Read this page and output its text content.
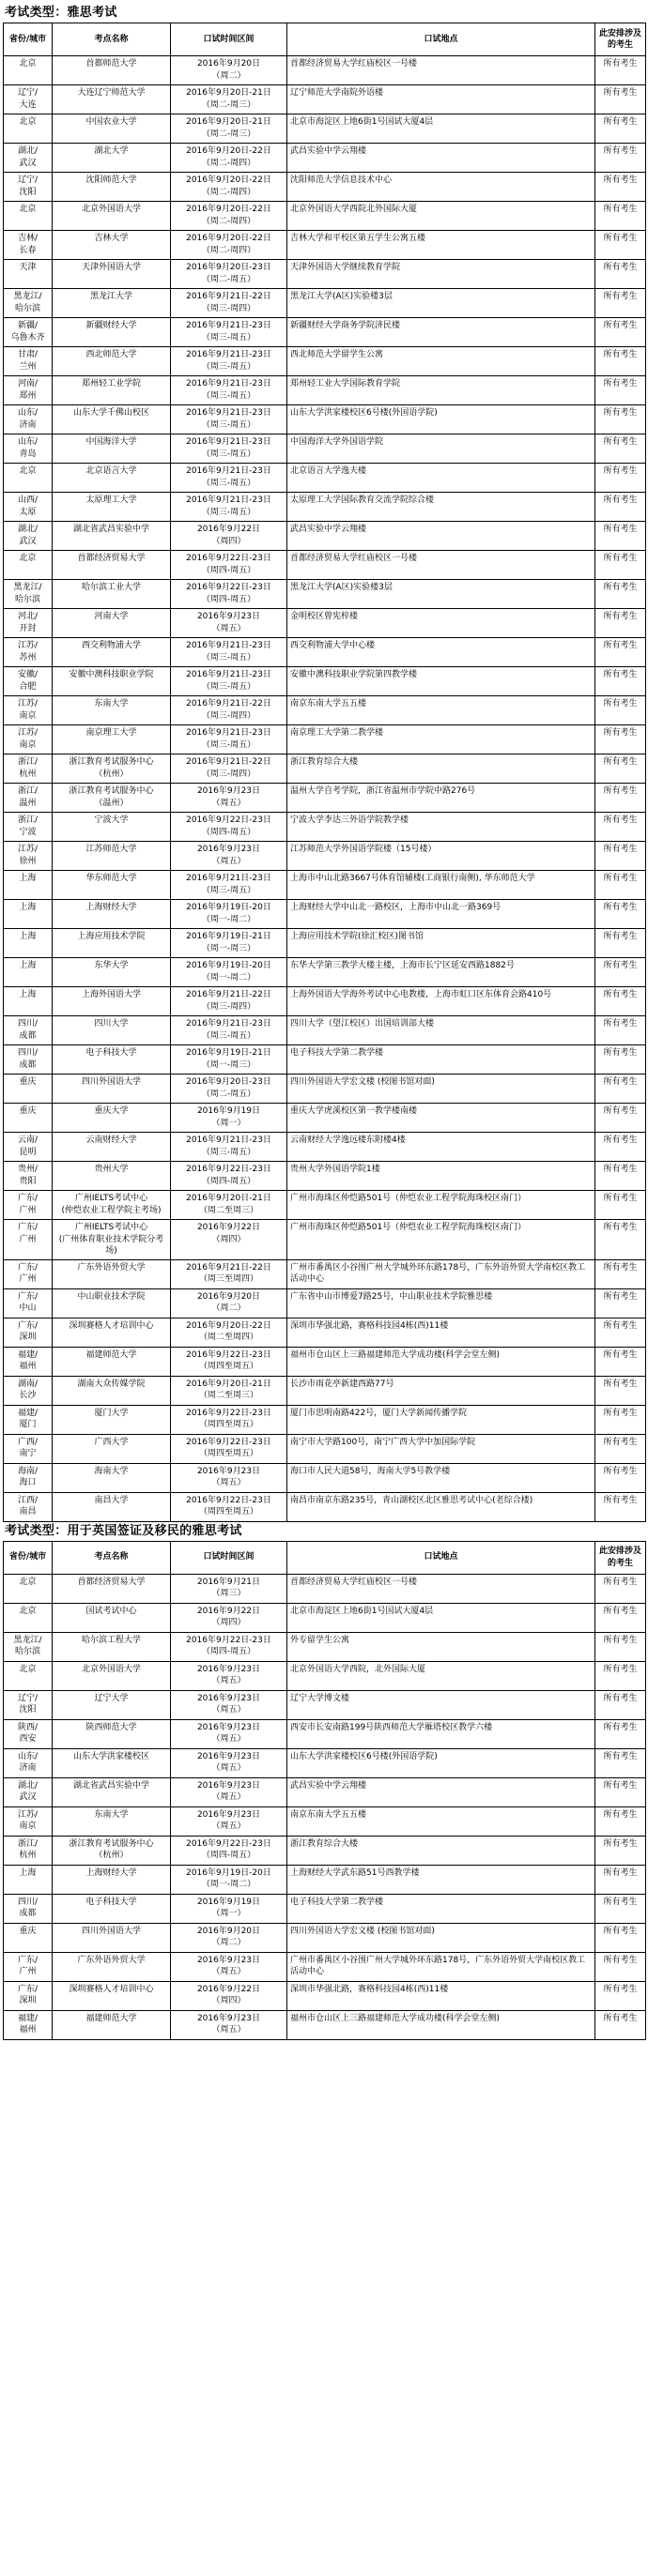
考试类型：雅思考试
省份/城市	考点名称	口试时间区间	口试地点	此安排涉及的考生

北京	首都师范大学	2016年9月20日
（周二）	首都经济贸易大学红庙校区一号楼	所有考生

辽宁/
大连	大连辽宁师范大学	2016年9月20日-21日
（周二-周三）	辽宁师范大学南院外语楼	所有考生

北京	中国农业大学	2016年9月20日-21日
（周二-周三）	北京市海淀区上地6街1号国试大厦4层	所有考生

湖北/
武汉	湖北大学	2016年9月20日-22日
（周二-周四）	武昌实验中学云翔楼	所有考生

辽宁/
沈阳	沈阳师范大学	2016年9月20日-22日
（周二-周四）	沈阳师范大学信息技术中心	所有考生

北京	北京外国语大学	2016年9月20日-22日
（周二-周四）	北京外国语大学西院北外国际大厦	所有考生

吉林/
长春	吉林大学	2016年9月20日-22日
（周二-周四）	吉林大学和平校区第五学生公寓五楼	所有考生

天津	天津外国语大学	2016年9月20日-23日
（周二-周五）	天津外国语大学继续教育学院	所有考生

黑龙江/
哈尔滨	黑龙江大学	2016年9月21日-22日
（周三-周四）	黑龙江大学(A区)实验楼3层	所有考生

新疆/
乌鲁木齐	新疆财经大学	2016年9月21日-23日
（周三-周五）	新疆财经大学商务学院济民楼	所有考生

甘肃/
兰州	西北师范大学	2016年9月21日-23日
（周三-周五）	西北师范大学留学生公寓	所有考生

河南/
郑州	郑州轻工业学院	2016年9月21日-23日
（周三-周五）	郑州轻工业大学国际教育学院	所有考生

山东/
济南	山东大学千佛山校区	2016年9月21日-23日
（周三-周五）	山东大学洪家楼校区6号楼(外国语学院)	所有考生

山东/
青岛	中国海洋大学	2016年9月21日-23日
（周三-周五）	中国海洋大学外国语学院	所有考生

北京	北京语言大学	2016年9月21日-23日
（周三-周五）	北京语言大学逸夫楼	所有考生

山西/
太原	太原理工大学	2016年9月21日-23日
（周三-周五）	太原理工大学国际教育交流学院综合楼	所有考生

湖北/
武汉	湖北省武昌实验中学	2016年9月22日
（周四）	武昌实验中学云翔楼	所有考生

北京	首都经济贸易大学	2016年9月22日-23日
（周四-周五）	首都经济贸易大学红庙校区一号楼	所有考生

黑龙江/
哈尔滨	哈尔滨工业大学	2016年9月22日-23日
（周四-周五）	黑龙江大学(A区)实验楼3层	所有考生

河北/
开封	河南大学	2016年9月23日
（周五）	金明校区曾宪梓楼	所有考生

江苏/
苏州	西交利物浦大学	2016年9月21日-23日
（周三-周五）	西交利物浦大学中心楼	所有考生

安徽/
合肥	安徽中澳科技职业学院	2016年9月21日-23日
（周三-周五）	安徽中澳科技职业学院第四教学楼	所有考生

江苏/
南京	东南大学	2016年9月21日-22日
（周三-周四）	南京东南大学五五楼	所有考生

江苏/
南京	南京理工大学	2016年9月21日-23日
（周三-周五）	南京理工大学第二教学楼	所有考生

浙江/
杭州	浙江教育考试服务中心
（杭州）	2016年9月21日-22日
（周三-周四）	浙江教育综合大楼	所有考生

浙江/
温州	浙江教育考试服务中心
（温州）	2016年9月23日
（周五）	温州大学自考学院，浙江省温州市学院中路276号	所有考生

浙江/
宁波	宁波大学	2016年9月22日-23日
（周四-周五）	宁波大学李达三外语学院教学楼	所有考生

江苏/
徐州	江苏师范大学	2016年9月23日
（周五）	江苏师范大学外国语学院楼（15号楼）	所有考生

上海	华东师范大学	2016年9月21日-23日
（周三-周五）	上海市中山北路3667号体育馆辅楼(工商银行南侧), 华东师范大学	所有考生

上海	上海财经大学	2016年9月19日-20日
（周一-周二）	上海财经大学中山北一路校区，上海市中山北一路369号	所有考生

上海	上海应用技术学院	2016年9月19日-21日
（周一-周三）	上海应用技术学院(徐汇校区)图书馆	所有考生

上海	东华大学	2016年9月19日-20日
（周一-周二）	东华大学第三教学大楼主楼，上海市长宁区延安西路1882号	所有考生

上海	上海外国语大学	2016年9月21日-22日
（周三-周四）	上海外国语大学海外考试中心电教楼，上海市虹口区东体育会路410号	所有考生

四川/
成都	四川大学	2016年9月21日-23日
（周三-周五）	四川大学（望江校区）出国培训部大楼	所有考生

四川/
成都	电子科技大学	2016年9月19日-21日
（周一-周三）	电子科技大学第二教学楼	所有考生

重庆	四川外国语大学	2016年9月20日-23日
（周二-周五）	四川外国语大学宏文楼 (校图书馆对面)	所有考生

重庆	重庆大学	2016年9月19日
（周一）	重庆大学虎溪校区第一教学楼南楼	所有考生

云南/
昆明	云南财经大学	2016年9月21日-23日
（周三-周五）	云南财经大学逸远楼东附楼4楼	所有考生

贵州/
贵阳	贵州大学	2016年9月22日-23日
（周四-周五）	贵州大学外国语学院1楼	所有考生

广东/
广州	广州IELTS考试中心
(仲恺农业工程学院主考场)	2016年9月20日-21日
（周二至周三）	广州市海珠区仲恺路501号（仲恺农业工程学院海珠校区南门）	所有考生

广东/
广州	广州IELTS考试中心
(广州体育职业技术学院分考场)	2016年9月22日
（周四）	广州市海珠区仲恺路501号（仲恺农业工程学院海珠校区南门）	所有考生

广东/
广州	广东外语外贸大学	2016年9月21日-22日
（周三至周四）	广州市番禺区小谷围广州大学城外环东路178号，广东外语外贸大学南校区教工活动中心	所有考生

广东/
中山	中山职业技术学院	2016年9月20日
（周二）	广东省中山市博爱7路25号，中山职业技术学院雅思楼	所有考生

广东/
深圳	深圳赛格人才培训中心	2016年9月20日-22日
（周二至周四）	深圳市华强北路，赛格科技园4栋(西)11楼	所有考生

福建/
福州	福建师范大学	2016年9月22日-23日
（周四至周五）	福州市仓山区上三路福建师范大学成功楼(科学会堂左侧)	所有考生

湖南/
长沙	湖南大众传媒学院	2016年9月20日-21日
（周二至周三）	长沙市雨花亭新建西路77号	所有考生

福建/
厦门	厦门大学	2016年9月22日-23日
（周四至周五）	厦门市思明南路422号，厦门大学新闻传播学院	所有考生

广西/
南宁	广西大学	2016年9月22日-23日
（周四至周五）	南宁市大学路100号，南宁广西大学中加国际学院	所有考生

海南/
海口	海南大学	2016年9月23日
（周五）	海口市人民大道58号，海南大学5号教学楼	所有考生

江西/
南昌	南昌大学	2016年9月22日-23日
（周四至周五）	南昌市南京东路235号，青山湖校区北区雅思考试中心(老综合楼)	所有考生
考试类型：用于英国签证及移民的雅思考试
省份/城市	考点名称	口试时间区间	口试地点	此安排涉及的考生

北京	首都经济贸易大学	2016年9月21日
（周三）	首都经济贸易大学红庙校区一号楼	所有考生

北京	国试考试中心	2016年9月22日
（周四）	北京市海淀区上地6街1号国试大厦4层	所有考生

黑龙江/
哈尔滨	哈尔滨工程大学	2016年9月22日-23日
（周四-周五）	外专留学生公寓	所有考生

北京	北京外国语大学	2016年9月23日
（周五）	北京外国语大学西院，北外国际大厦	所有考生

辽宁/
沈阳	辽宁大学	2016年9月23日
（周五）	辽宁大学博文楼	所有考生

陕西/
西安	陕西师范大学	2016年9月23日
（周五）	西安市长安南路199号陕西师范大学雁塔校区教学六楼	所有考生

山东/
济南	山东大学洪家楼校区	2016年9月23日
（周五）	山东大学洪家楼校区6号楼(外国语学院)	所有考生

湖北/
武汉	湖北省武昌实验中学	2016年9月23日
（周五）	武昌实验中学云翔楼	所有考生

江苏/
南京	东南大学	2016年9月23日
（周五）	南京东南大学五五楼	所有考生

浙江/
杭州	浙江教育考试服务中心
（杭州）	2016年9月22日-23日
（周四-周五）	浙江教育综合大楼	所有考生

上海	上海财经大学	2016年9月19日-20日
（周一-周二）	上海财经大学武东路51号西教学楼	所有考生

四川/
成都	电子科技大学	2016年9月19日
（周一）	电子科技大学第二教学楼	所有考生

重庆	四川外国语大学	2016年9月20日
（周二）	四川外国语大学宏文楼 (校图书馆对面)	所有考生

广东/
广州	广东外语外贸大学	2016年9月23日
（周五）	广州市番禺区小谷围广州大学城外环东路178号，广东外语外贸大学南校区教工活动中心	所有考生

广东/
深圳	深圳赛格人才培训中心	2016年9月22日
（周四）	深圳市华强北路，赛格科技园4栋(西)11楼	所有考生

福建/
福州	福建师范大学	2016年9月23日
（周五）	福州市仓山区上三路福建师范大学成功楼(科学会堂左侧)	所有考生
